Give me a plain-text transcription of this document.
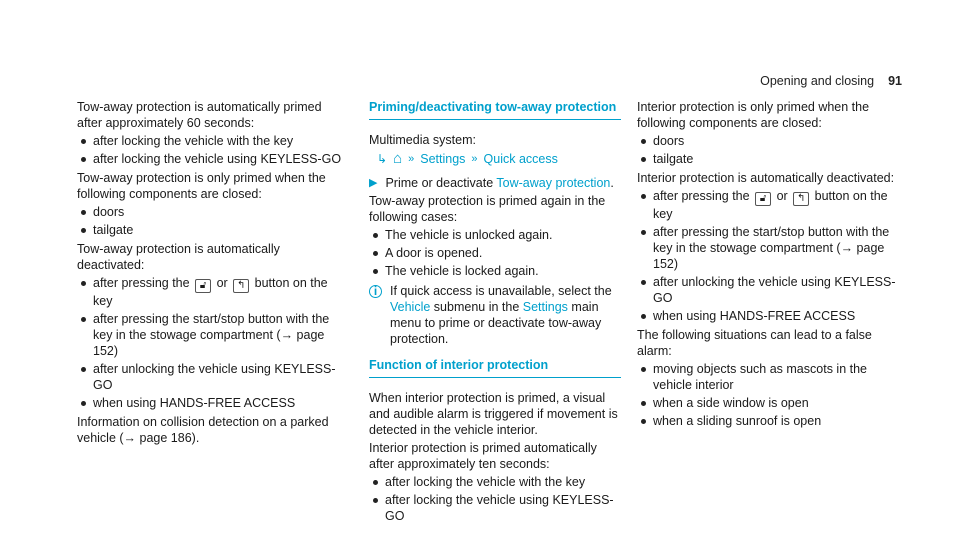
Opening and closing 91

Tow-away protection is automatically primed after approximately 60 seconds:

after locking the vehicle with the key
after locking the vehicle using KEYLESS-GO

Tow-away protection is only primed when the following components are closed:

doors
tailgate

Tow-away protection is automatically deactivated:

after pressing the 🔓︎ or ↰ button on the key
after pressing the start/stop button with the key in the stowage compartment (→ page 152)
after unlocking the vehicle using KEYLESS-GO
when using HANDS-FREE ACCESS

Information on collision detection on a parked vehicle (→ page 186).

Priming/deactivating tow-away protection

Multimedia system:

↳ ⌂ » Settings » Quick access
▶ Prime or deactivate Tow-away protection.

Tow-away protection is primed again in the following cases:

The vehicle is unlocked again.
A door is opened.
The vehicle is locked again.
i	If quick access is unavailable, select the Vehicle submenu in the Settings main menu to prime or deactivate tow-away protection.
Function of interior protection

When interior protection is primed, a visual and audible alarm is triggered if movement is detected in the vehicle interior.

Interior protection is primed automatically after approximately ten seconds:

after locking the vehicle with the key
after locking the vehicle using KEYLESS-GO

Interior protection is only primed when the following components are closed:

doors
tailgate

Interior protection is automatically deactivated:

after pressing the 🔓︎ or ↰ button on the key
after pressing the start/stop button with the key in the stowage compartment (→ page 152)
after unlocking the vehicle using KEYLESS-GO
when using HANDS-FREE ACCESS

The following situations can lead to a false alarm:

moving objects such as mascots in the vehicle interior
when a side window is open
when a sliding sunroof is open
